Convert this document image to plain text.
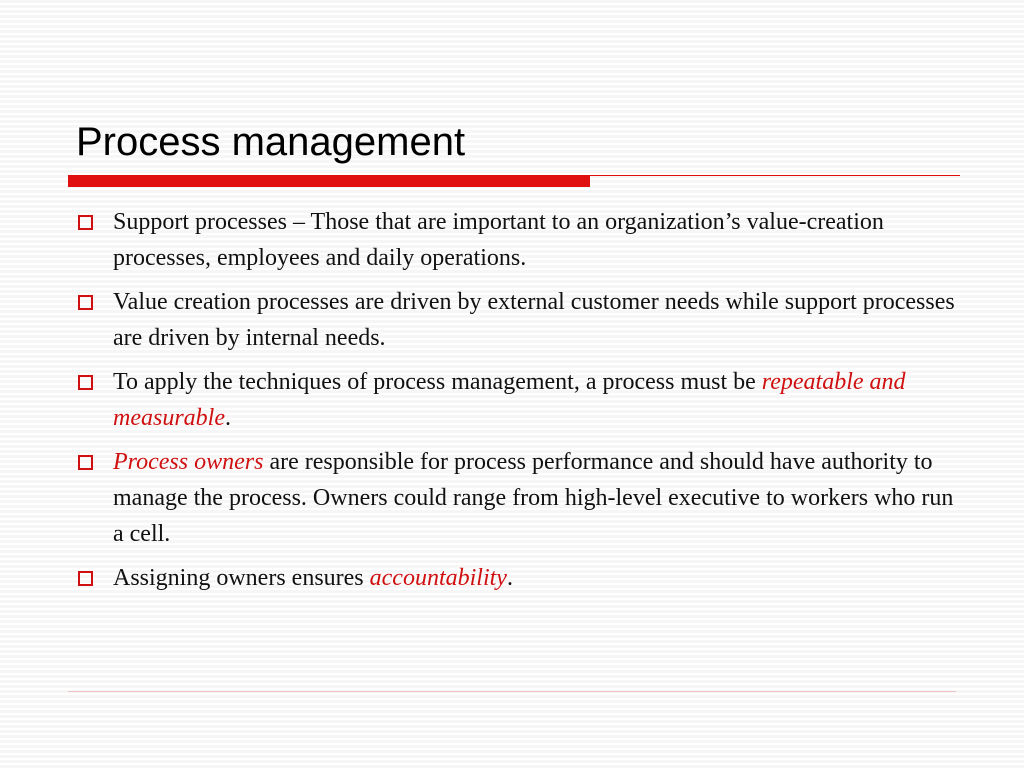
Process management
Support processes – Those that are important to an organization’s value-creation processes, employees and daily operations.
Value creation processes are driven by external customer needs while support processes are driven by internal needs.
To apply the techniques of process management, a process must be repeatable and measurable.
Process owners are responsible for process performance and should have authority to manage the process. Owners could range from high-level executive to workers who run a cell.
Assigning owners ensures accountability.
